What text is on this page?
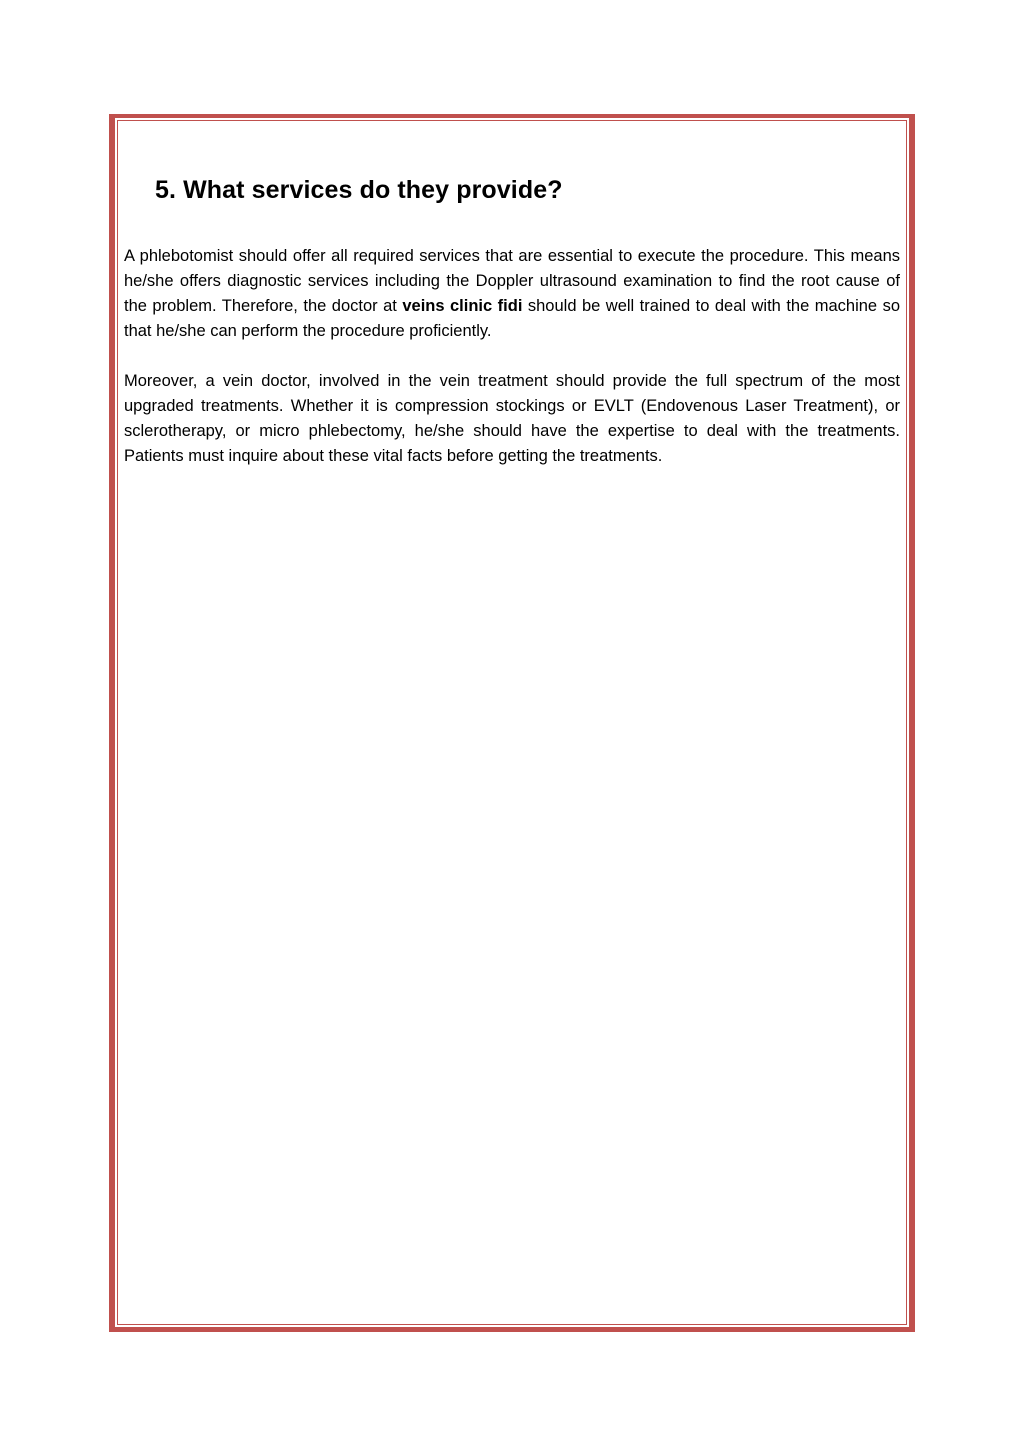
5. What services do they provide?

A phlebotomist should offer all required services that are essential to execute the procedure. This means he/she offers diagnostic services including the Doppler ultrasound examination to find the root cause of the problem. Therefore, the doctor at veins clinic fidi should be well trained to deal with the machine so that he/she can perform the procedure proficiently.

Moreover, a vein doctor, involved in the vein treatment should provide the full spectrum of the most upgraded treatments. Whether it is compression stockings or EVLT (Endovenous Laser Treatment), or sclerotherapy, or micro phlebectomy, he/she should have the expertise to deal with the treatments. Patients must inquire about these vital facts before getting the treatments.
